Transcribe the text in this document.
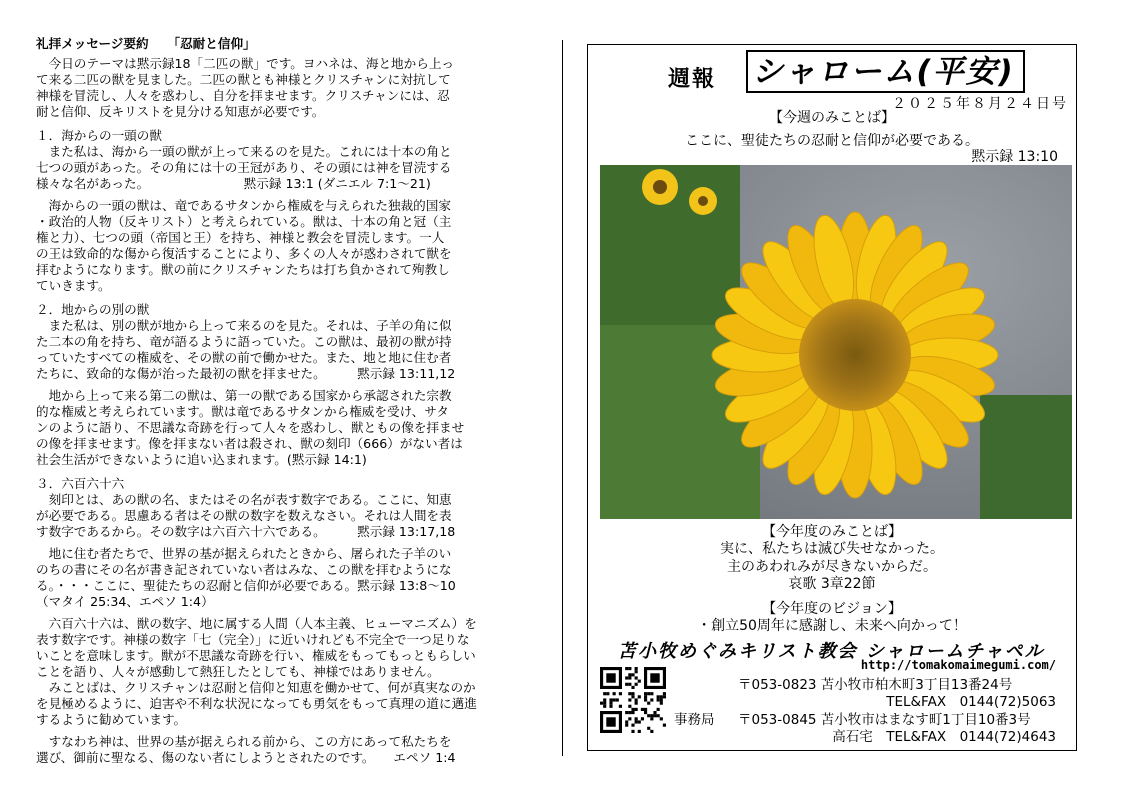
礼拝メッセージ要約　　「忍耐と信仰」

　今日のテーマは黙示録18「二匹の獣」です。ヨハネは、海と地から上っ

て来る二匹の獣を見ました。二匹の獣とも神様とクリスチャンに対抗して

神様を冒涜し、人々を惑わし、自分を拝ませます。クリスチャンには、忍

耐と信仰、反キリストを見分ける知恵が必要です。

１．海からの一頭の獣

　また私は、海から一頭の獣が上って来るのを見た。これには十本の角と

七つの頭があった。その角には十の王冠があり、その頭には神を冒涜する

様々な名があった。　　　　　　　　黙示録 13:1 (ダニエル 7:1〜21)

　海からの一頭の獣は、竜であるサタンから権威を与えられた独裁的国家

・政治的人物（反キリスト）と考えられている。獣は、十本の角と冠（主

権と力）、七つの頭（帝国と王）を持ち、神様と教会を冒涜します。一人

の王は致命的な傷から復活することにより、多くの人々が惑わされて獣を

拝むようになります。獣の前にクリスチャンたちは打ち負かされて殉教し

ていきます。

２．地からの別の獣

　また私は、別の獣が地から上って来るのを見た。それは、子羊の角に似

た二本の角を持ち、竜が語るように語っていた。この獣は、最初の獣が持

っていたすべての権威を、その獣の前で働かせた。また、地と地に住む者

たちに、致命的な傷が治った最初の獣を拝ませた。　　　黙示録 13:11,12

　地から上って来る第二の獣は、第一の獣である国家から承認された宗教

的な権威と考えられています。獣は竜であるサタンから権威を受け、サタ

ンのように語り、不思議な奇跡を行って人々を惑わし、獣ともの像を拝ませ

の像を拝ませます。像を拝まない者は殺され、獣の刻印（666）がない者は

社会生活ができないように追い込まれます。(黙示録 14:1)

３．六百六十六

　刻印とは、あの獣の名、またはその名が表す数字である。ここに、知恵

が必要である。思慮ある者はその獣の数字を数えなさい。それは人間を表

す数字であるから。その数字は六百六十六である。　　　黙示録 13:17,18

　地に住む者たちで、世界の基が据えられたときから、屠られた子羊のい

のちの書にその名が書き記されていない者はみな、この獣を拝むようにな

る。・・・ここに、聖徒たちの忍耐と信仰が必要である。黙示録 13:8〜10

（マタイ 25:34、エペソ 1:4）

　六百六十六は、獣の数字、地に属する人間（人本主義、ヒューマニズム）を

表す数字です。神様の数字「七（完全）」に近いけれども不完全で一つ足りな

いことを意味します。獣が不思議な奇跡を行い、権威をもってもっともらしい

ことを語り、人々が感動して熱狂したとしても、神様ではありません。

　みことばは、クリスチャンは忍耐と信仰と知恵を働かせて、何が真実なのか

を見極めるように、迫害や不利な状況になっても勇気をもって真理の道に邁進

するように勧めています。

　すなわち神は、世界の基が据えられる前から、この方にあって私たちを

選び、御前に聖なる、傷のない者にしようとされたのです。　　エペソ 1:4

週報 シャローム(平安)
２０２５年８月２４日号
【今週のみことば】
ここに、聖徒たちの忍耐と信仰が必要である。
黙示録 13:10
【今年度のみことば】
実に、私たちは滅び失せなかった。
主のあわれみが尽きないからだ。
哀歌 3章22節
【今年度のビジョン】
・創立50周年に感謝し、未来へ向かって！
苫小牧めぐみキリスト教会 シャロームチャペル
http://tomakomaimegumi.com/
〒053-0823 苫小牧市柏木町3丁目13番24号
TEL&FAX　0144(72)5063
事務局 〒053-0845 苫小牧市はまなす町1丁目10番3号
高石宅　TEL&FAX　0144(72)4643
